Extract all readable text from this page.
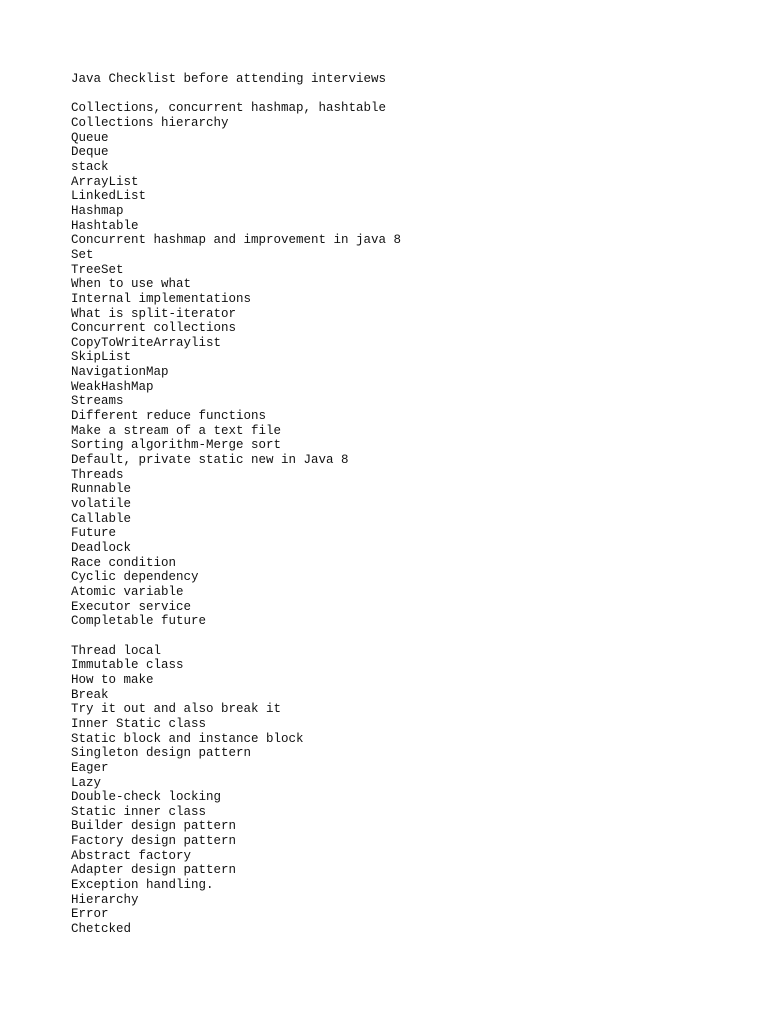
Java Checklist before attending interviews
Collections, concurrent hashmap, hashtable
Collections hierarchy
Queue
Deque
stack
ArrayList
LinkedList
Hashmap
Hashtable
Concurrent hashmap and improvement in java 8
Set
TreeSet
When to use what
Internal implementations
What is split-iterator
Concurrent collections
CopyToWriteArraylist
SkipList
NavigationMap
WeakHashMap
Streams
Different reduce functions
Make a stream of a text file
Sorting algorithm-Merge sort
Default, private static new in Java 8
Threads
Runnable
volatile
Callable
Future
Deadlock
Race condition
Cyclic dependency
Atomic variable
Executor service
Completable future
Thread local
Immutable class
How to make
Break
Try it out and also break it
Inner Static class
Static block and instance block
Singleton design pattern
Eager
Lazy
Double-check locking
Static inner class
Builder design pattern
Factory design pattern
Abstract factory
Adapter design pattern
Exception handling.
Hierarchy
Error
Chetcked
